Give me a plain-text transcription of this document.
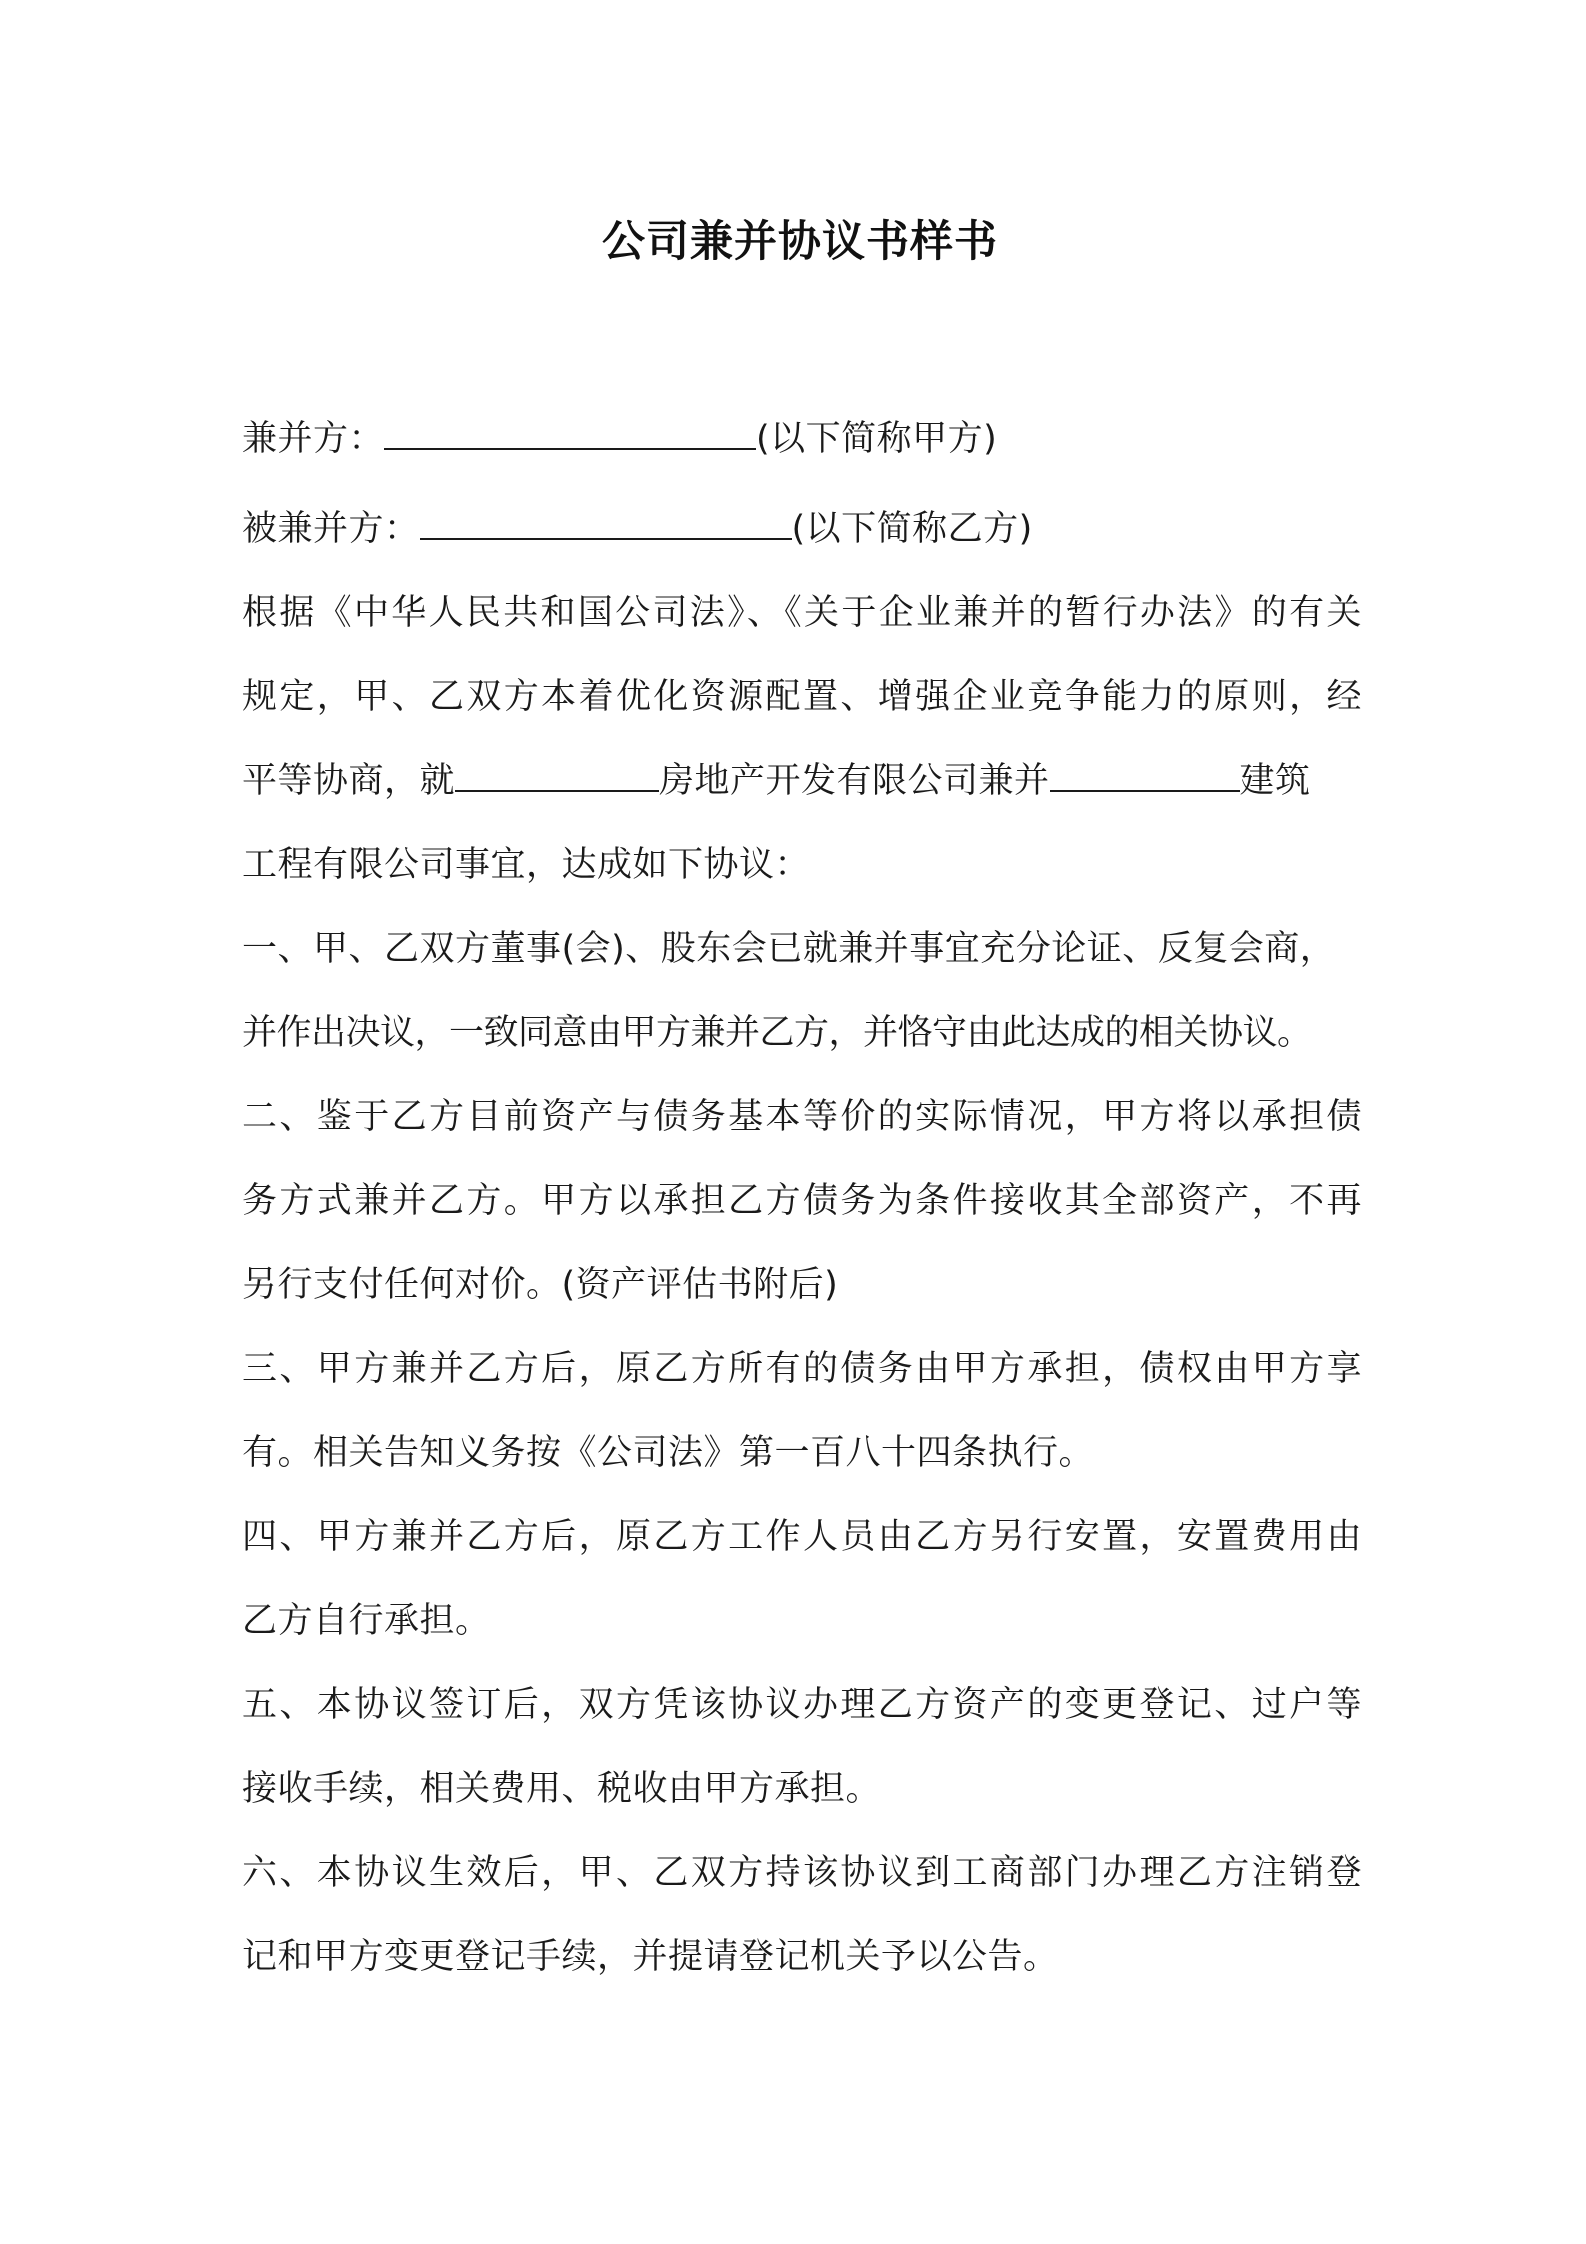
公司兼并协议书样书
兼并方：	(以下简称甲方)
被兼并方：	(以下简称乙方)
根据《中华人民共和国公司法》、《关于企业兼并的暂行办法》的有关
规定，甲、乙双方本着优化资源配置、增强企业竞争能力的原则，经
平等协商，就	房地产开发有限公司兼并	建筑
工程有限公司事宜，达成如下协议：
一、甲、乙双方董事(会)、股东会已就兼并事宜充分论证、反复会商，
并作出决议，一致同意由甲方兼并乙方，并恪守由此达成的相关协议。
二、鉴于乙方目前资产与债务基本等价的实际情况，甲方将以承担债
务方式兼并乙方。甲方以承担乙方债务为条件接收其全部资产，不再
另行支付任何对价。(资产评估书附后)
三、甲方兼并乙方后，原乙方所有的债务由甲方承担，债权由甲方享
有。相关告知义务按《公司法》第一百八十四条执行。
四、甲方兼并乙方后，原乙方工作人员由乙方另行安置，安置费用由
乙方自行承担。
五、本协议签订后，双方凭该协议办理乙方资产的变更登记、过户等
接收手续，相关费用、税收由甲方承担。
六、本协议生效后，甲、乙双方持该协议到工商部门办理乙方注销登
记和甲方变更登记手续，并提请登记机关予以公告。
